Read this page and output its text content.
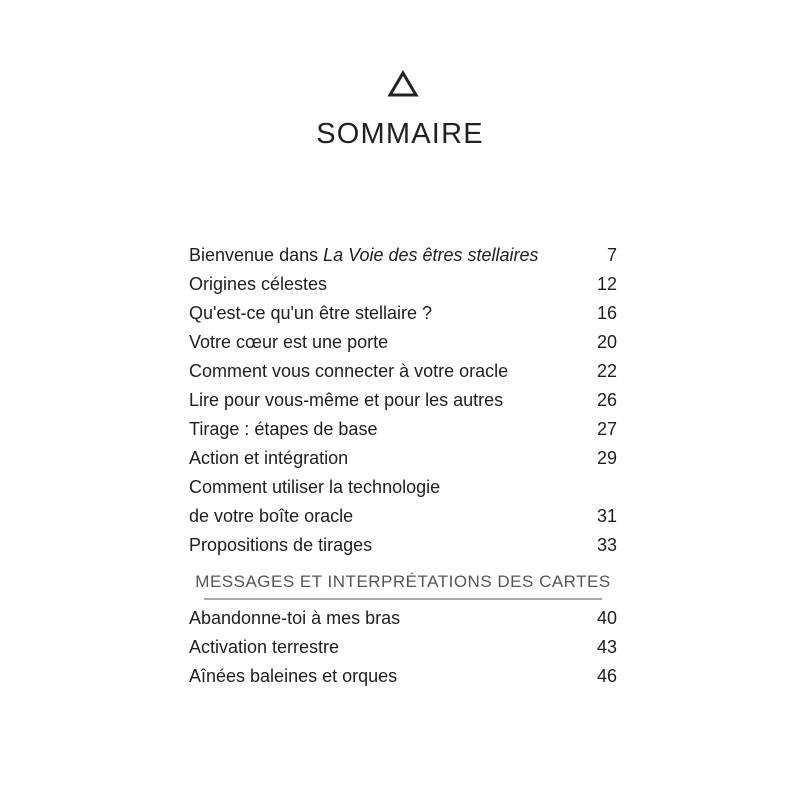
SOMMAIRE
Bienvenue dans La Voie des êtres stellaires	7
Origines célestes	12
Qu'est-ce qu'un être stellaire ?	16
Votre cœur est une porte	20
Comment vous connecter à votre oracle	22
Lire pour vous-même et pour les autres	26
Tirage : étapes de base	27
Action et intégration	29
Comment utiliser la technologie
de votre boîte oracle	31
Propositions de tirages	33
MESSAGES ET INTERPRÉTATIONS DES CARTES
Abandonne-toi à mes bras	40
Activation terrestre	43
Aînées baleines et orques	46
